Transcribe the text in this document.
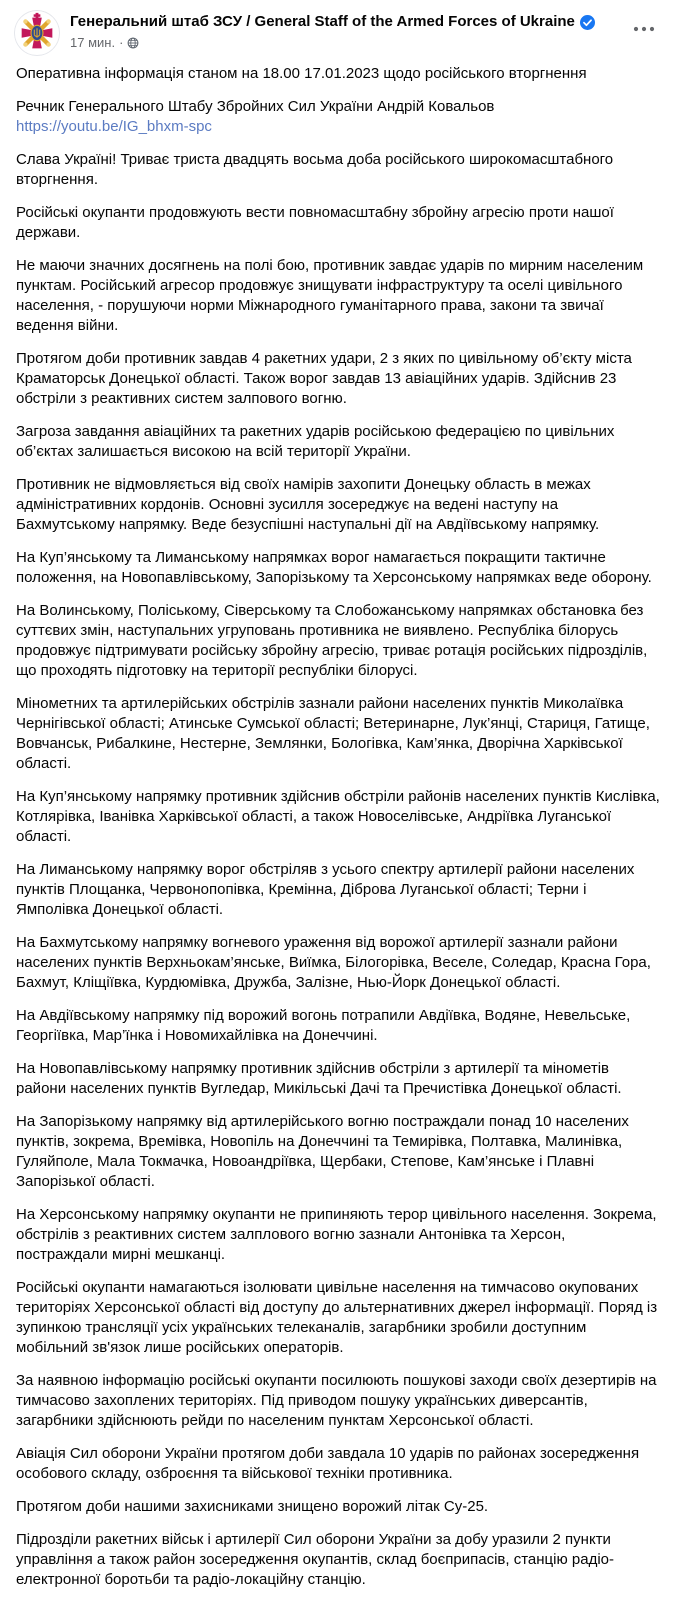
Генеральний штаб ЗСУ / General Staff of the Armed Forces of Ukraine
17 мин. ·
Оперативна інформація станом на 18.00 17.01.2023 щодо російського вторгнення
Речник Генерального Штабу Збройних Сил України Андрій Ковальов
https://youtu.be/IG_bhxm-spc
Слава Україні! Триває триста двадцять восьма доба російського широкомасштабного вторгнення.
Російські окупанти продовжують вести повномасштабну збройну агресію проти нашої держави.
Не маючи значних досягнень на полі бою, противник завдає ударів по мирним населеним пунктам. Російський агресор продовжує знищувати інфраструктуру та оселі цивільного населення, - порушуючи норми Міжнародного гуманітарного права, закони та звичаї ведення війни.
Протягом доби противник завдав 4 ракетних удари, 2 з яких по цивільному об’єкту міста Краматорськ Донецької області. Також ворог завдав 13 авіаційних ударів. Здійснив 23 обстріли з реактивних систем залпового вогню.
Загроза завдання авіаційних та ракетних ударів російською федерацією по цивільних об’єктах залишається високою на всій території України.
Противник не відмовляється від своїх намірів захопити Донецьку область в межах адміністративних кордонів. Основні зусилля зосереджує на ведені наступу на Бахмутському напрямку. Веде безуспішні наступальні дії на Авдіївському напрямку.
На Куп’янському та Лиманському напрямках ворог намагається покращити тактичне положення, на Новопавлівському, Запорізькому та Херсонському напрямках веде оборону.
На Волинському, Поліському, Сіверському та Слобожанському напрямках обстановка без суттєвих змін, наступальних угруповань противника не виявлено. Республіка білорусь продовжує підтримувати російську збройну агресію, триває ротація російських підрозділів, що проходять підготовку на території республіки білорусі.
Мінометних та артилерійських обстрілів зазнали райони населених пунктів Миколаївка Чернігівської області; Атинське Сумської області; Ветеринарне, Лук’янці, Стариця, Гатище, Вовчанськ, Рибалкине, Нестерне, Землянки, Бологівка, Кам’янка, Дворічна Харківської області.
На Куп’янському напрямку противник здійснив обстріли районів населених пунктів Кислівка, Котлярівка, Іванівка Харківської області, а також Новоселівське, Андріївка Луганської області.
На Лиманському напрямку ворог обстріляв з усього спектру артилерії райони населених пунктів Площанка, Червонопопівка, Кремінна, Діброва Луганської області; Терни і Ямполівка Донецької області.
На Бахмутському напрямку вогневого ураження від ворожої артилерії зазнали райони населених пунктів Верхньокам’янське, Виїмка, Білогорівка, Веселе, Соледар, Красна Гора, Бахмут, Кліщіївка, Курдюмівка, Дружба, Залізне, Нью-Йорк Донецької області.
На Авдіївському напрямку під ворожий вогонь потрапили Авдіївка, Водяне, Невельське, Георгіївка, Мар’їнка і Новомихайлівка на Донеччині.
На Новопавлівському напрямку противник здійснив обстріли з артилерії та мінометів райони населених пунктів Вугледар, Микільські Дачі та Пречистівка Донецької області.
На Запорізькому напрямку від артилерійського вогню постраждали понад 10 населених пунктів, зокрема, Времівка, Новопіль на Донеччині та Темирівка, Полтавка, Малинівка, Гуляйполе, Мала Токмачка, Новоандріївка, Щербаки, Степове, Кам’янське і Плавні Запорізької області.
На Херсонському напрямку окупанти не припиняють терор цивільного населення. Зокрема, обстрілів з реактивних систем залплового вогню зазнали Антонівка та Херсон, постраждали мирні мешканці.
Російські окупанти намагаються ізолювати цивільне населення на тимчасово окупованих територіях Херсонської області від доступу до альтернативних джерел інформації. Поряд із зупинкою трансляції усіх українських телеканалів, загарбники зробили доступним мобільний зв'язок лише російських операторів.
За наявною інформацію російські окупанти посилюють пошукові заходи своїх дезертирів на тимчасово захоплених територіях. Під приводом пошуку українських диверсантів, загарбники здійснюють рейди по населеним пунктам Херсонської області.
Авіація Сил оборони України протягом доби завдала 10 ударів по районах зосередження особового складу, озброєння та військової техніки противника.
Протягом доби нашими захисниками знищено ворожий літак Су-25.
Підрозділи ракетних військ і артилерії Сил оборони України за добу уразили 2 пункти управління а також район зосередження окупантів, склад боєприпасів, станцію радіо-електронної боротьби та радіо-локаційну станцію.
